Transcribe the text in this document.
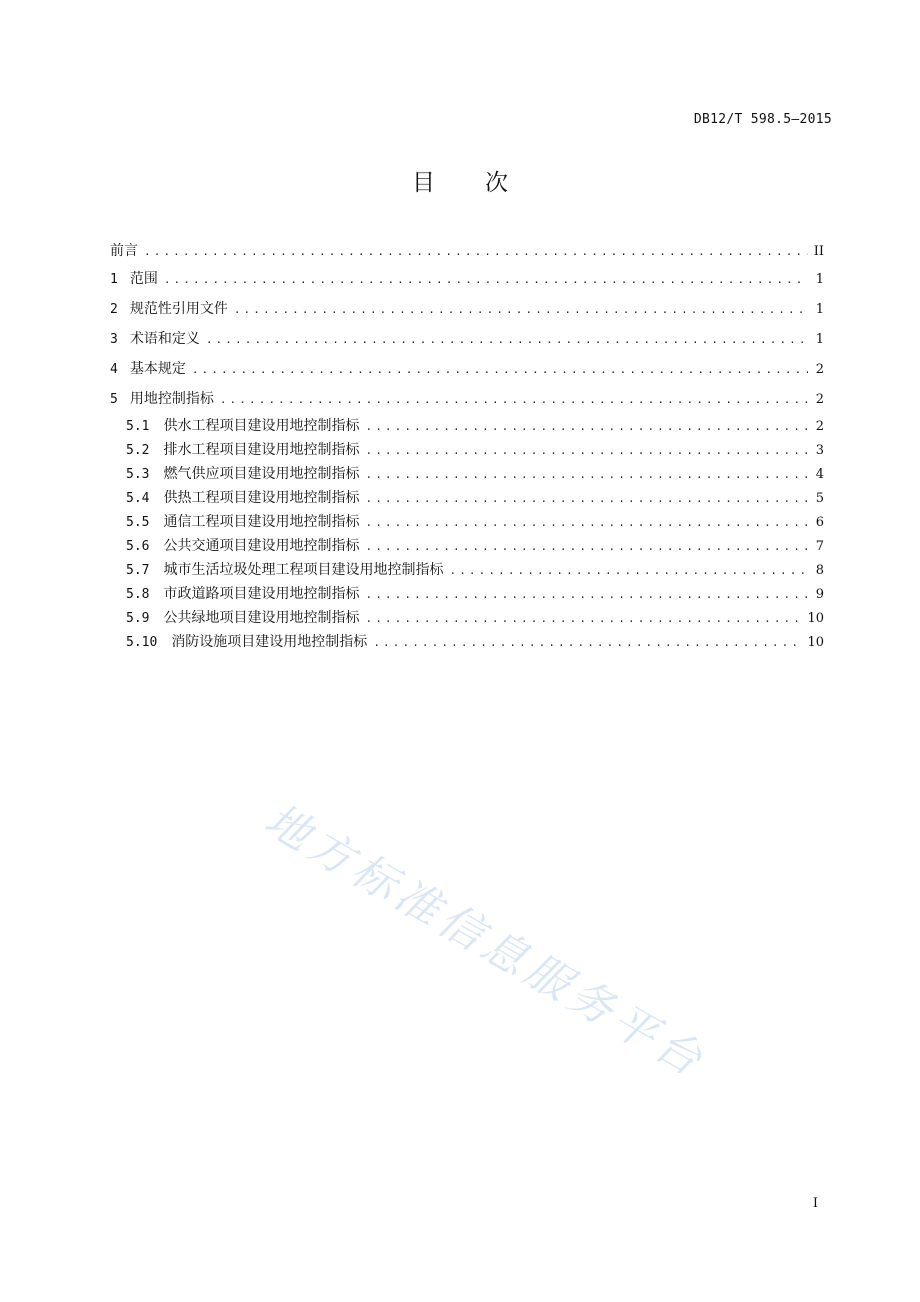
DB12/T 598.5—2015
目 次
前言 .....	II
1 范围 .....	1
2 规范性引用文件 .....	1
3 术语和定义 .....	1
4 基本规定 .....	2
5 用地控制指标 .....	2
5.1 供水工程项目建设用地控制指标 .....	2
5.2 排水工程项目建设用地控制指标 .....	3
5.3 燃气供应项目建设用地控制指标 .....	4
5.4 供热工程项目建设用地控制指标 .....	5
5.5 通信工程项目建设用地控制指标 .....	6
5.6 公共交通项目建设用地控制指标 .....	7
5.7 城市生活垃圾处理工程项目建设用地控制指标 .....	8
5.8 市政道路项目建设用地控制指标 .....	9
5.9 公共绿地项目建设用地控制指标 .....	10
5.10 消防设施项目建设用地控制指标 .....	10
地方标准信息服务平台
I
